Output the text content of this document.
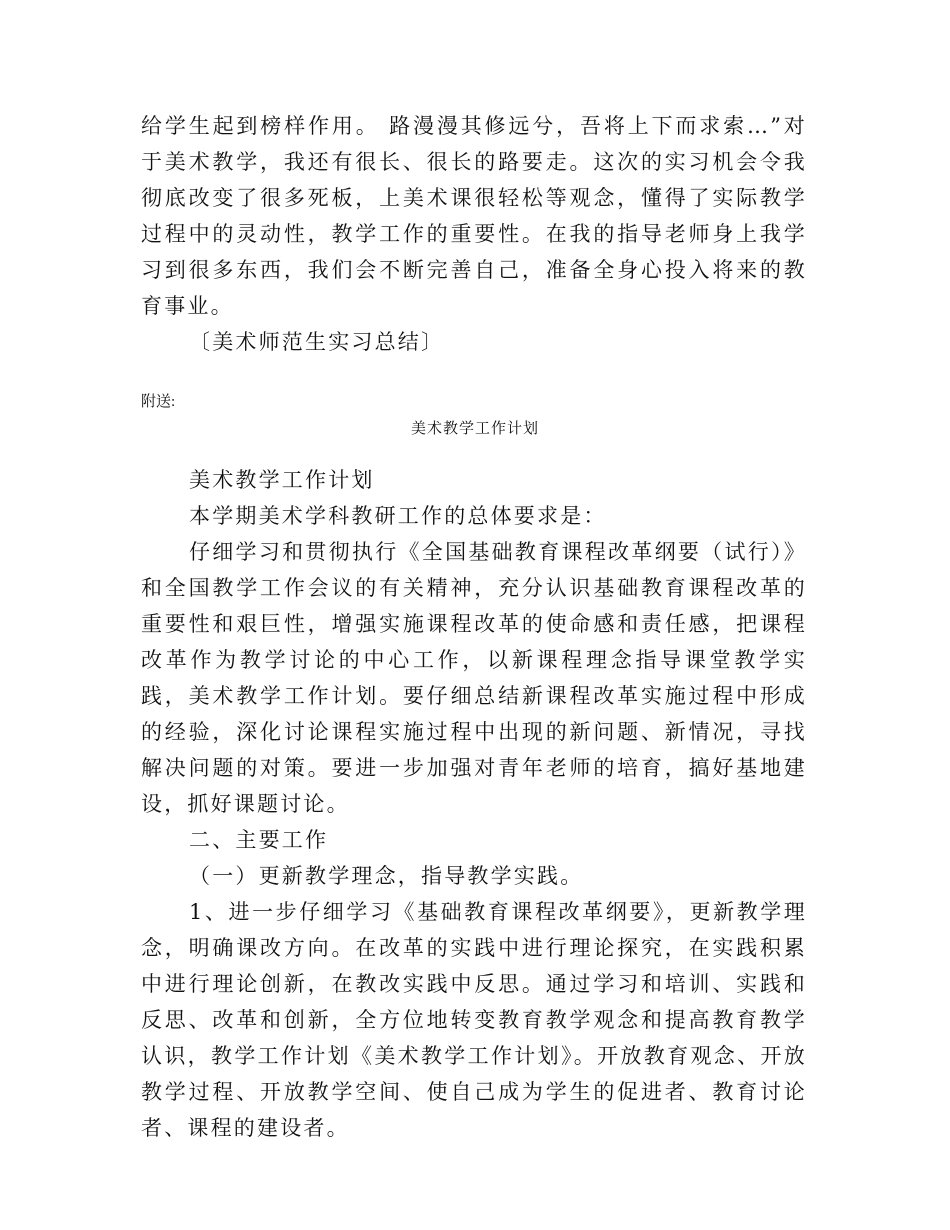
给学生起到榜样作用。 路漫漫其修远兮，吾将上下而求索…”对于美术教学，我还有很长、很长的路要走。这次的实习机会令我彻底改变了很多死板，上美术课很轻松等观念，懂得了实际教学过程中的灵动性，教学工作的重要性。在我的指导老师身上我学习到很多东西，我们会不断完善自己，准备全身心投入将来的教育事业。

〔美术师范生实习总结〕

附送:

美术教学工作计划

美术教学工作计划

本学期美术学科教研工作的总体要求是：

仔细学习和贯彻执行《全国基础教育课程改革纲要（试行）》和全国教学工作会议的有关精神，充分认识基础教育课程改革的重要性和艰巨性，增强实施课程改革的使命感和责任感，把课程改革作为教学讨论的中心工作，以新课程理念指导课堂教学实践，美术教学工作计划。要仔细总结新课程改革实施过程中形成的经验，深化讨论课程实施过程中出现的新问题、新情况，寻找解决问题的对策。要进一步加强对青年老师的培育，搞好基地建设，抓好课题讨论。

二、主要工作

（一）更新教学理念，指导教学实践。

1、进一步仔细学习《基础教育课程改革纲要》，更新教学理念，明确课改方向。在改革的实践中进行理论探究，在实践积累中进行理论创新，在教改实践中反思。通过学习和培训、实践和反思、改革和创新，全方位地转变教育教学观念和提高教育教学认识，教学工作计划《美术教学工作计划》。开放教育观念、开放教学过程、开放教学空间、使自己成为学生的促进者、教育讨论者、课程的建设者。
